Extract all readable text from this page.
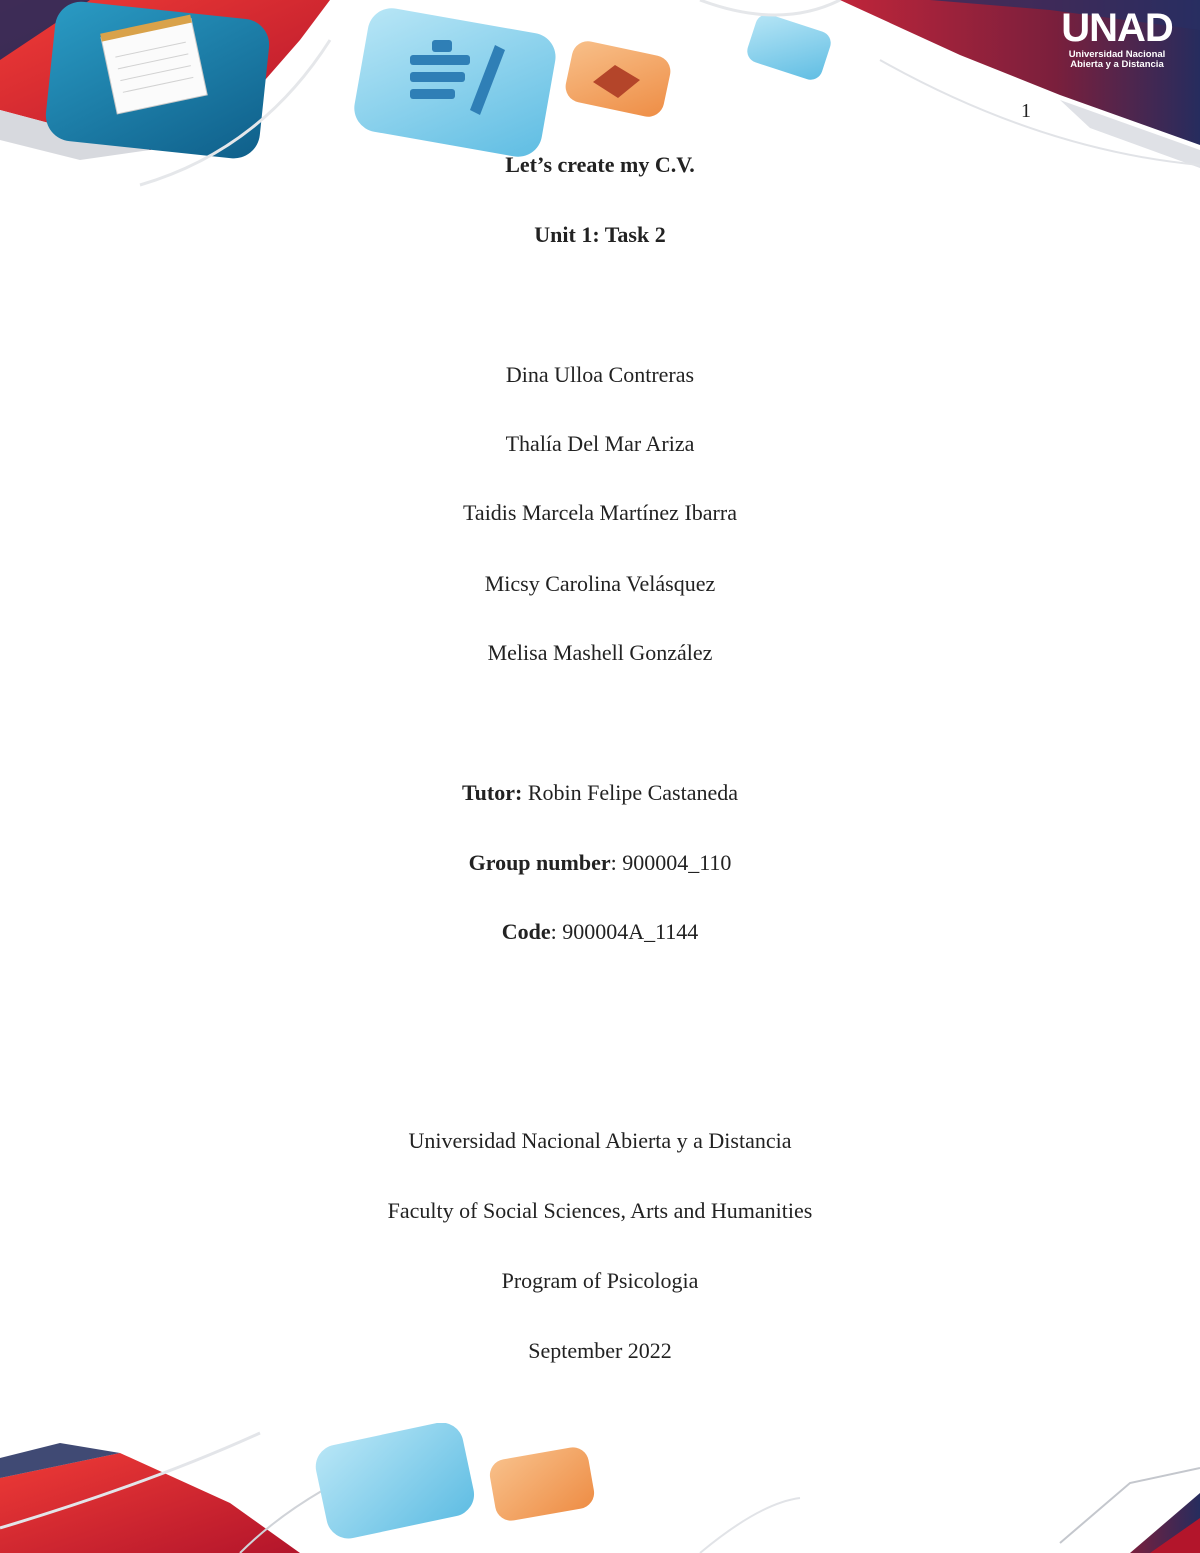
UNAD
Universidad Nacional
Abierta y a Distancia
1
Let’s create my C.V.
Unit 1: Task 2
Dina Ulloa Contreras
Thalía Del Mar Ariza
Taidis Marcela Martínez Ibarra
Micsy Carolina Velásquez
Melisa Mashell González
Tutor: Robin Felipe Castaneda
Group number: 900004_110
Code: 900004A_1144
Universidad Nacional Abierta y a Distancia
Faculty of Social Sciences, Arts and Humanities
Program of Psicologia
September 2022
